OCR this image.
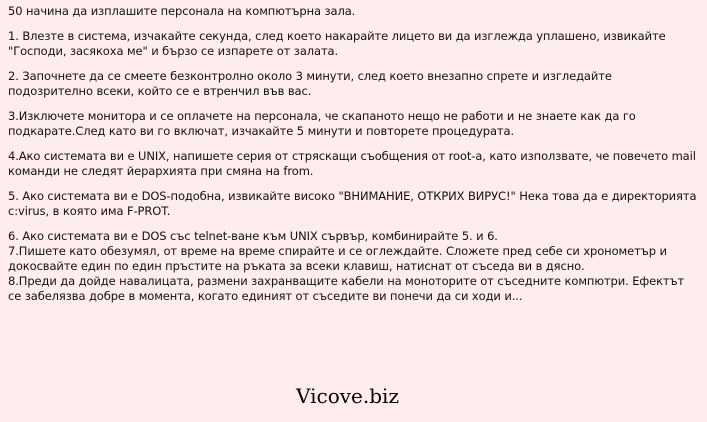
50 начина да изплашите персонала на компютърна зала.

1. Влезте в системa, изчакайте секунда, след което накарайте лицето ви да изглежда уплашено, извикайте "Господи, засякохa ме" и бързо се изпарете от залата.

2. Започнете да се смеете безконтролно около 3 минути, след което внезапно спрете и изгледайте подозрително всеки, който се е втренчил във вас.

3.Изключете монитора и се оплачете на персонала, че скапаното нещо не работи и не знаете как да го подкарате.След като ви го включат, изчакайте 5 минути и повторете процедурата.

4.Ако системата ви е UNIX, напишете серия от стряскащи съобщения от root-a, като използвате, че повечето mail команди не следят йерархията при смяна на from.

5. Ако системата ви е DOS-подобна, извикайте високо "ВНИМАНИЕ, ОТКРИХ ВИРУС!" Нека това да е директорията c:virus, в която има F-PROT.

6. Ако системата ви е DOS със telnet-ване към UNIX сървър, комбинирайте 5. и 6.

7.Пишете като обезумял, от време на време спирайте и се оглеждайте. Сложете пред себе си хронометър и докосвайте един по един пръстите на ръката за всеки клавиш, натиснат от съседа ви в дясно.

8.Преди да дойде навалицата, размени захранващите кабели на моноторите от съседните компютри. Ефектът се забелязва добре в момента, когато единият от съседите ви понечи да си ходи и...

Vicove.biz
